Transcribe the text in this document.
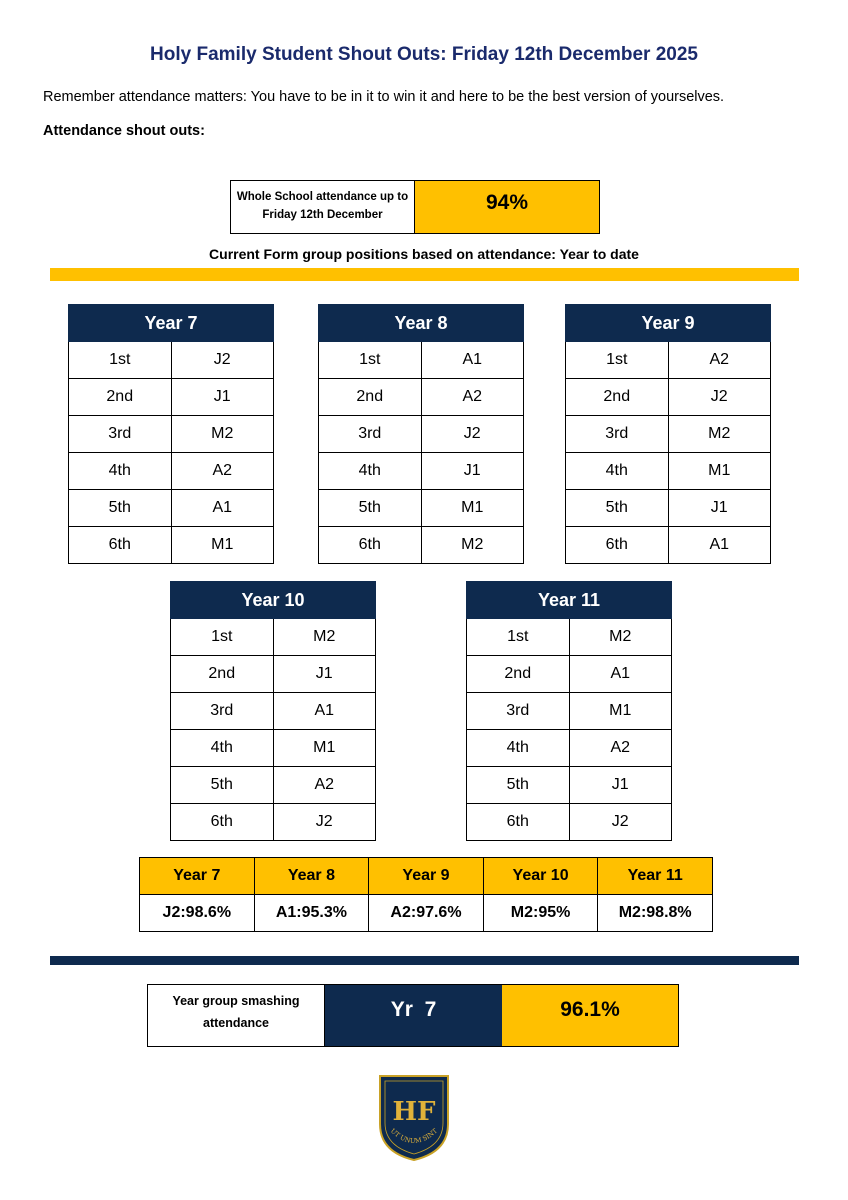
Holy Family Student Shout Outs: Friday 12th December 2025
Remember attendance matters: You have to be in it to win it and here to be the best version of yourselves.
Attendance shout outs:
Whole School attendance up to Friday 12th December
94%
Current Form group positions based on attendance: Year to date
Year 7	
1st	J2
2nd	J1
3rd	M2
4th	A2
5th	A1
6th	M1
Year 8	
1st	A1
2nd	A2
3rd	J2
4th	J1
5th	M1
6th	M2
Year 9	
1st	A2
2nd	J2
3rd	M2
4th	M1
5th	J1
6th	A1
Year 10	
1st	M2
2nd	J1
3rd	A1
4th	M1
5th	A2
6th	J2
Year 11	
1st	M2
2nd	A1
3rd	M1
4th	A2
5th	J1
6th	J2
Year 7	Year 8	Year 9	Year 10	Year 11
J2:98.6%	A1:95.3%	A2:97.6%	M2:95%	M2:98.8%
Year group smashing attendance
Yr  7	96.1%
HF
UT UNUM SINT
